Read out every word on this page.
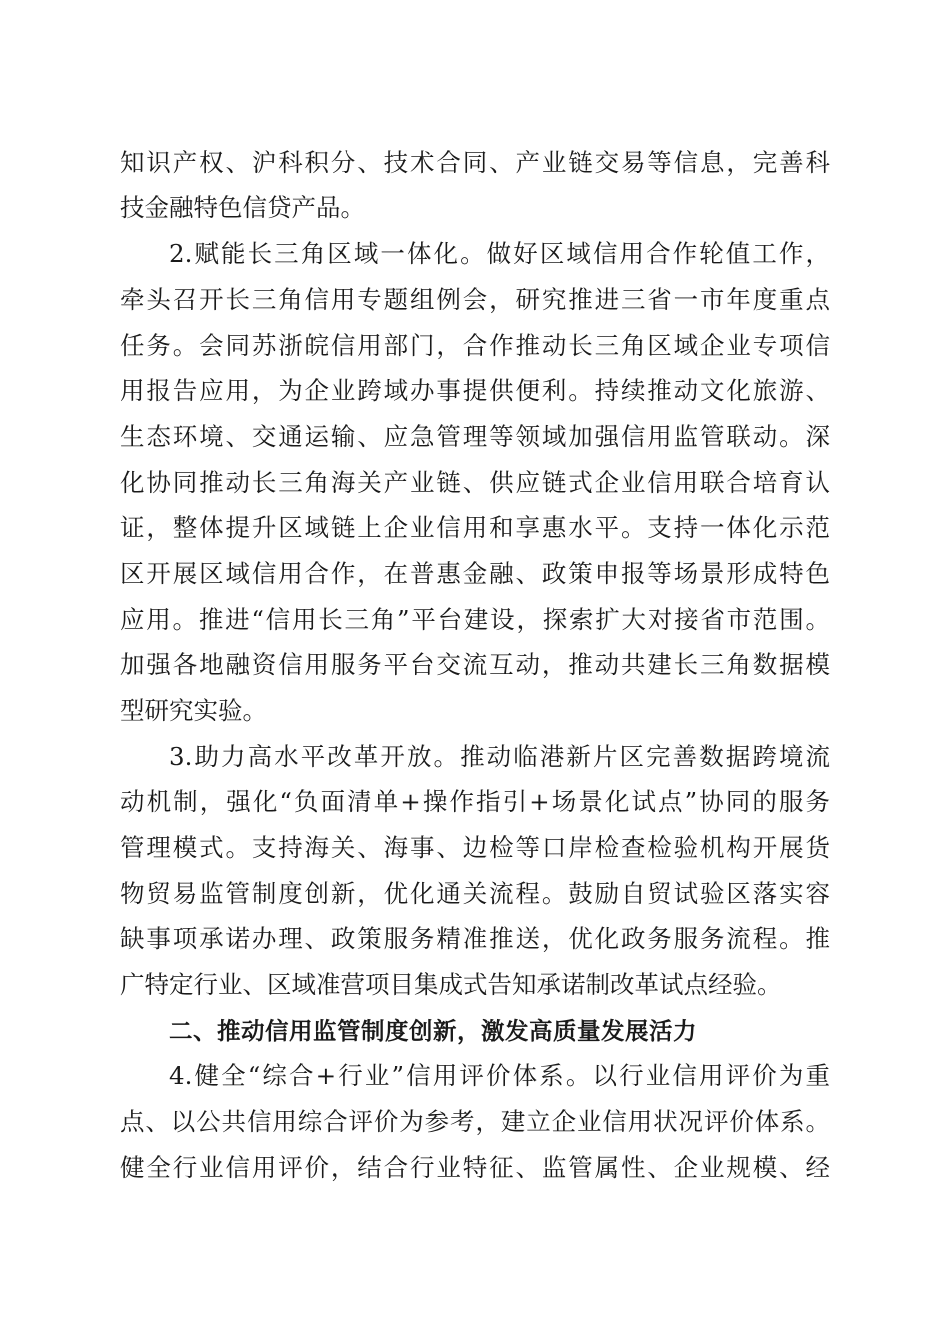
知识产权、沪科积分、技术合同、产业链交易等信息，完善科
技金融特色信贷产品。
2.赋能长三角区域一体化。做好区域信用合作轮值工作，
牵头召开长三角信用专题组例会，研究推进三省一市年度重点
任务。会同苏浙皖信用部门，合作推动长三角区域企业专项信
用报告应用，为企业跨域办事提供便利。持续推动文化旅游、
生态环境、交通运输、应急管理等领域加强信用监管联动。深
化协同推动长三角海关产业链、供应链式企业信用联合培育认
证，整体提升区域链上企业信用和享惠水平。支持一体化示范
区开展区域信用合作，在普惠金融、政策申报等场景形成特色
应用。推进“信用长三角”平台建设，探索扩大对接省市范围。
加强各地融资信用服务平台交流互动，推动共建长三角数据模
型研究实验。
3.助力高水平改革开放。推动临港新片区完善数据跨境流
动机制，强化“负面清单+操作指引+场景化试点”协同的服务
管理模式。支持海关、海事、边检等口岸检查检验机构开展货
物贸易监管制度创新，优化通关流程。鼓励自贸试验区落实容
缺事项承诺办理、政策服务精准推送，优化政务服务流程。推
广特定行业、区域准营项目集成式告知承诺制改革试点经验。
二、推动信用监管制度创新，激发高质量发展活力
4.健全“综合+行业”信用评价体系。以行业信用评价为重
点、以公共信用综合评价为参考，建立企业信用状况评价体系。
健全行业信用评价，结合行业特征、监管属性、企业规模、经
